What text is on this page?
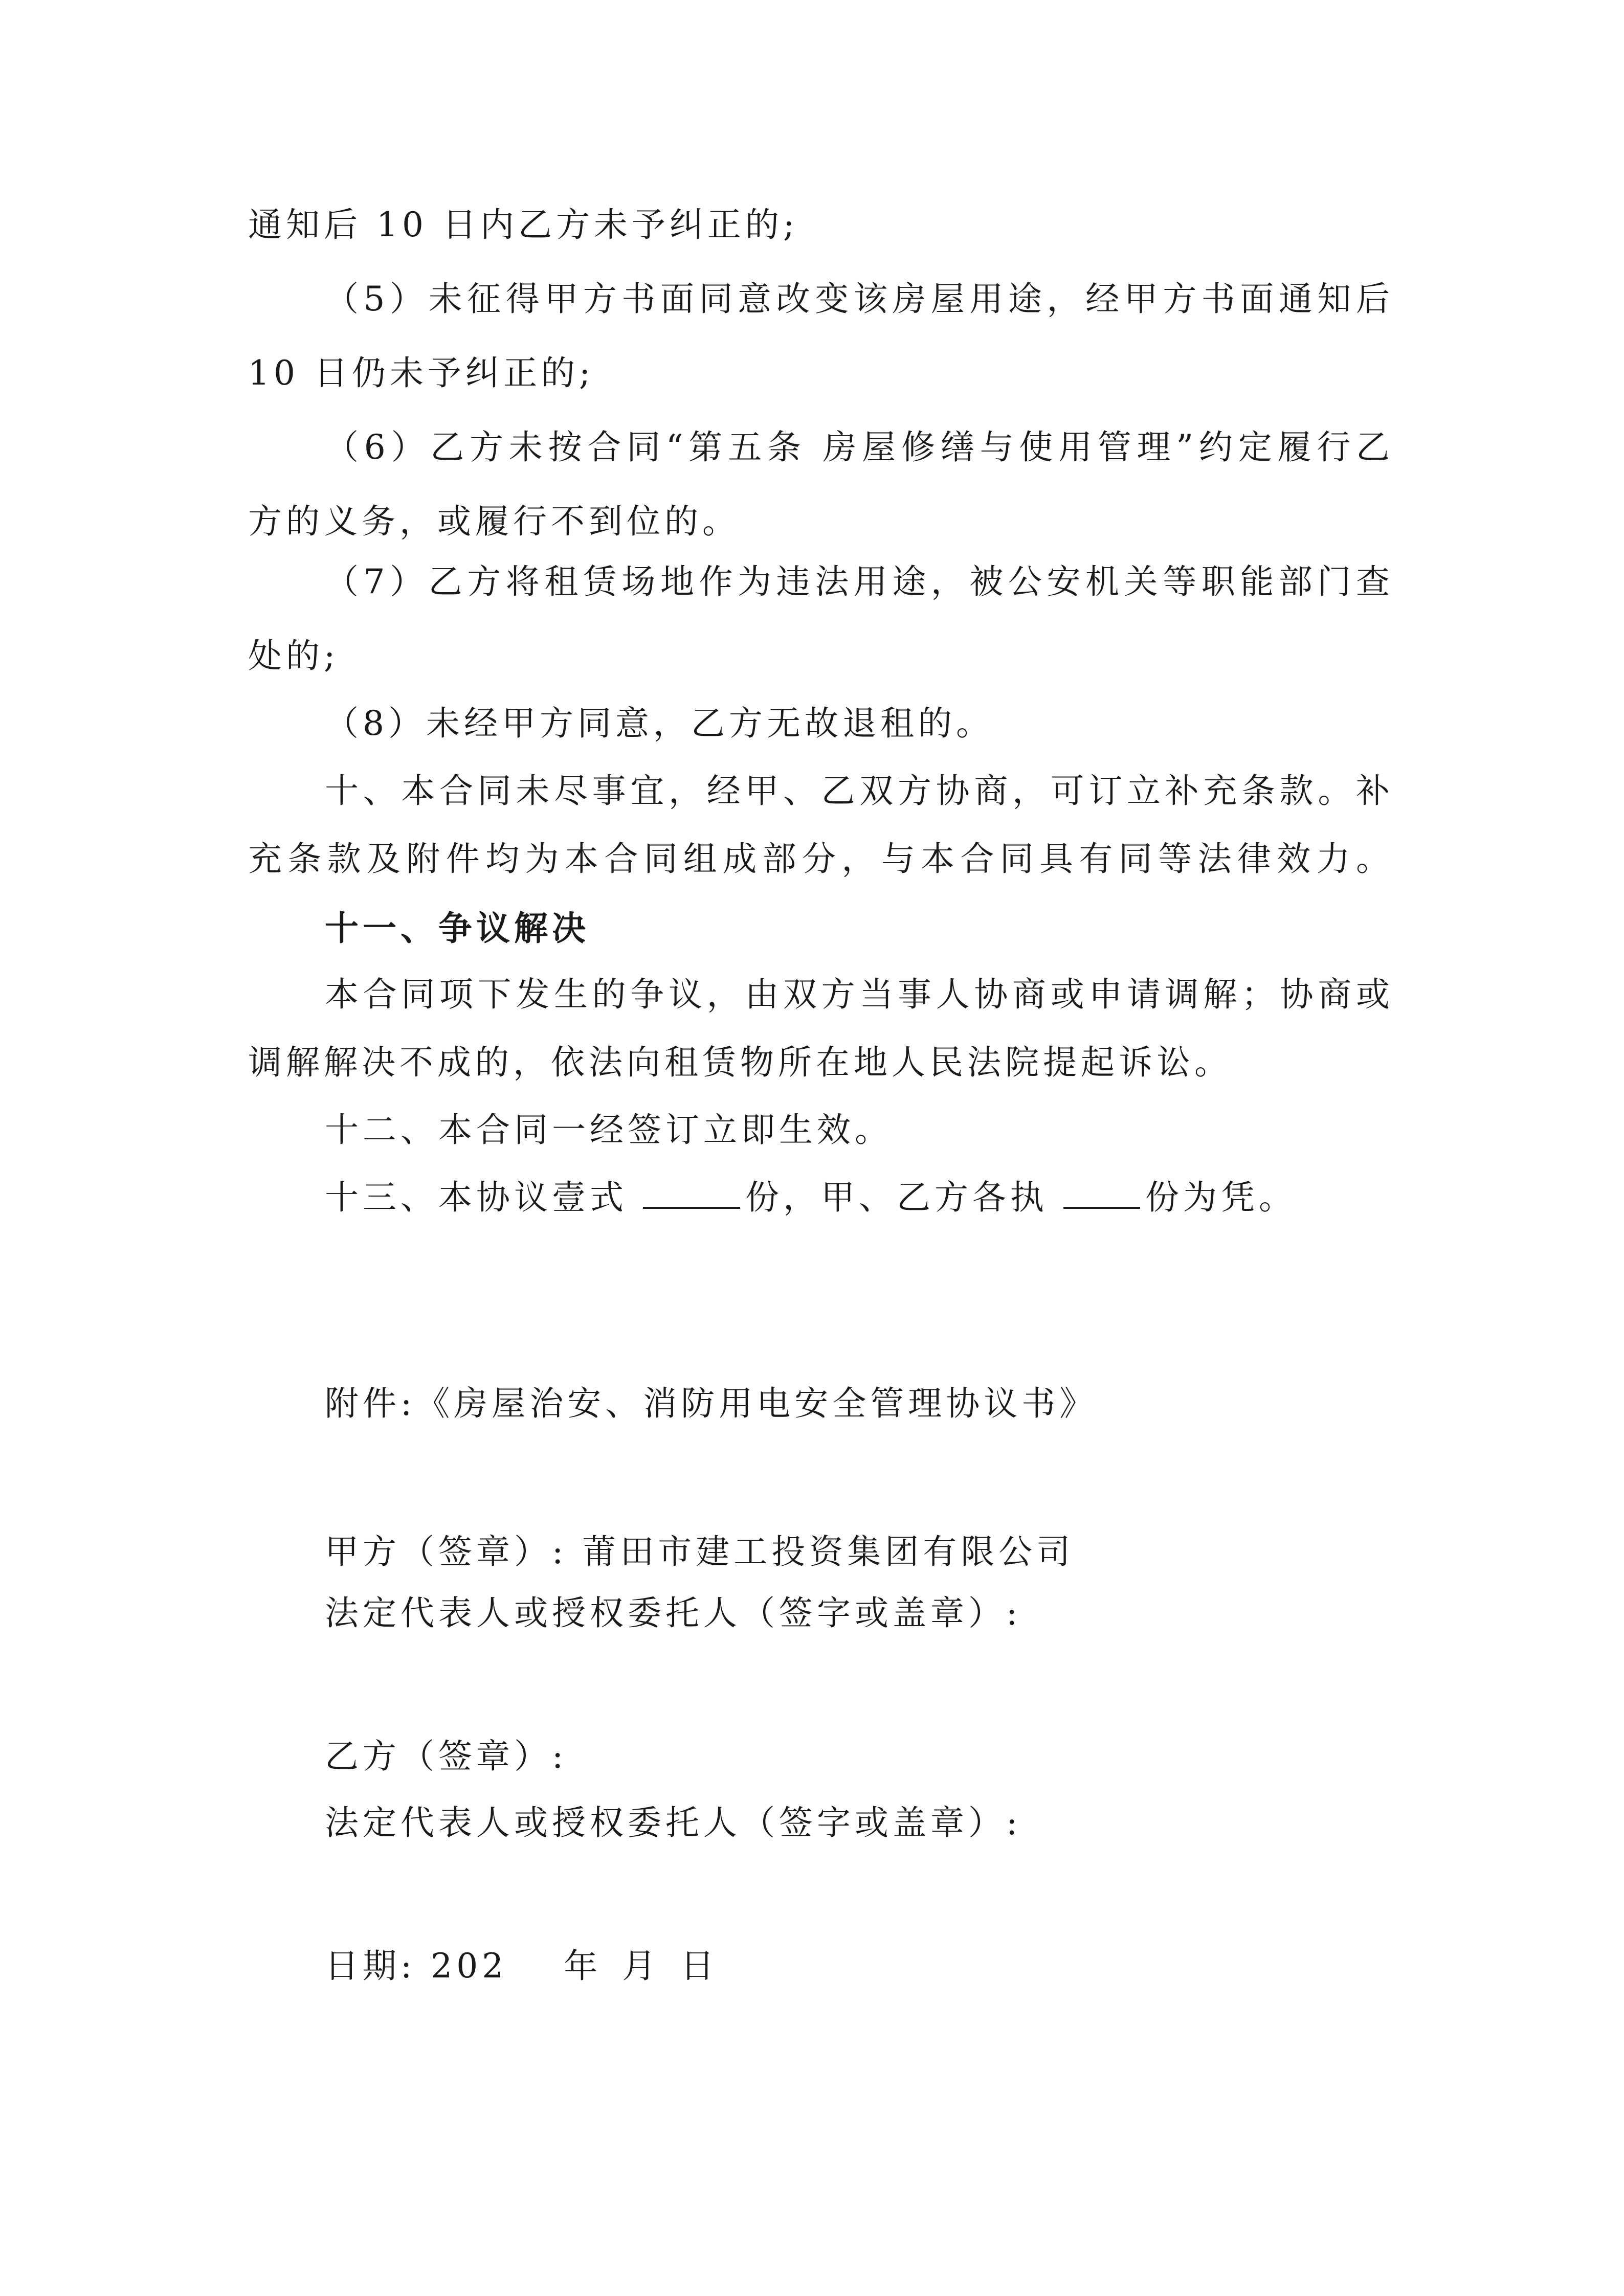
通知后 10 日内乙方未予纠正的;
（5）未征得甲方书面同意改变该房屋用途，经甲方书面通知后
10 日仍未予纠正的;
（6）乙方未按合同“第五条 房屋修缮与使用管理”约定履行乙
方的义务，或履行不到位的。
（7）乙方将租赁场地作为违法用途，被公安机关等职能部门查
处的;
（8）未经甲方同意，乙方无故退租的。
十、本合同未尽事宜，经甲、乙双方协商，可订立补充条款。补
充条款及附件均为本合同组成部分，与本合同具有同等法律效力。
十一、争议解决
本合同项下发生的争议，由双方当事人协商或申请调解；协商或
调解解决不成的，依法向租赁物所在地人民法院提起诉讼。
十二、本合同一经签订立即生效。
十三、本协议壹式	份，甲、乙方各执	份为凭。
附件:《房屋治安、消防用电安全管理协议书》
甲方（签章）: 莆田市建工投资集团有限公司
法定代表人或授权委托人（签字或盖章）:
乙方（签章）:
法定代表人或授权委托人（签字或盖章）:
日期: 202 年 月 日
